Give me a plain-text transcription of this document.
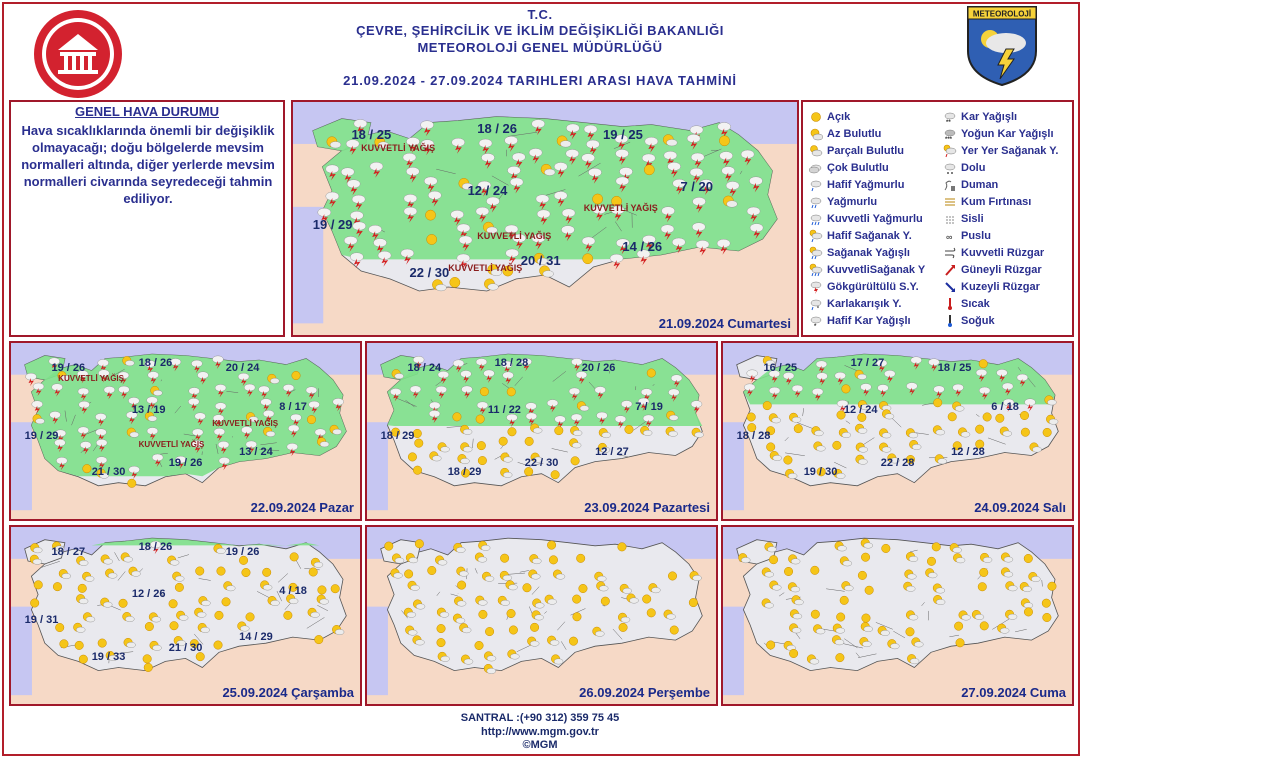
T.C.
ÇEVRE, ŞEHİRCİLİK VE İKLİM DEĞİŞİKLİĞİ BAKANLIĞI
METEOROLOJİ GENEL MÜDÜRLÜĞÜ
21.09.2024 - 27.09.2024 TARIHLERI ARASI HAVA TAHMİNİ
METEOROLOJİ
GENEL HAVA DURUMU
Hava sıcaklıklarında önemli bir değişiklik olmayacağı; doğu bölgelerde mevsim normalleri altında, diğer yerlerde mevsim normalleri civarında seyredeceği tahmin ediliyor.
18 / 25	18 / 26	19 / 25
12 / 24	7 / 20
19 / 29
14 / 26
20 / 31
22 / 30
KUVVETLİ YAĞIŞ
KUVVETLİ YAĞIŞ
KUVVETLİ YAĞIŞ
KUVVETLİ YAĞIŞ
21.09.2024 Cumartesi
Açık
Az Bulutlu
Parçalı Bulutlu
Çok Bulutlu
Hafif Yağmurlu
Yağmurlu
Kuvvetli Yağmurlu
Hafif Sağanak Y.
Sağanak Yağışlı
KuvvetliSağanak Y
Gökgürültülü S.Y.
* Karlakarışık Y.
* Hafif Kar Yağışlı
** Kar Yağışlı
*** Yoğun Kar Yağışlı
Yer Yer Sağanak Y.
Dolu
Duman
Kum Fırtınası
Sisli
∞ Puslu
Kuvvetli Rüzgar
Güneyli Rüzgar
Kuzeyli Rüzgar
Sıcak
Soğuk
19 / 26	18 / 26	20 / 24
13 / 19	8 / 17
19 / 29
13 / 24
19 / 26
21 / 30
KUVVETLİ YAĞIŞ
KUVVETLİ YAĞIŞ
KUVVETLİ YAĞIŞ
22.09.2024 Pazar
18 / 24	18 / 28	20 / 26
11 / 22	7 / 19
18 / 29
12 / 27
22 / 30
18 / 29
23.09.2024 Pazartesi
16 / 25	17 / 27	18 / 25
12 / 24	6 / 18
18 / 28
12 / 28
22 / 28
19 / 30
24.09.2024 Salı
18 / 27	18 / 26	19 / 26
12 / 26	4 / 18
19 / 31
14 / 29
21 / 30
19 / 33
25.09.2024 Çarşamba	26.09.2024 Perşembe	27.09.2024 Cuma
SANTRAL :(+90 312) 359 75 45
http://www.mgm.gov.tr
©MGM
